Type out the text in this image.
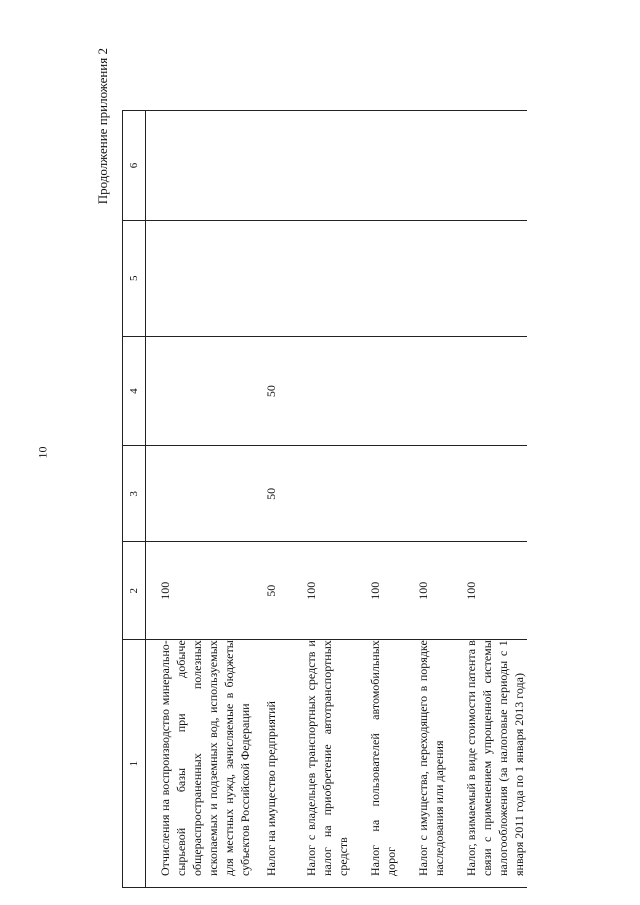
10
Продолжение приложения 2
1	2	3	4	5	6
Отчисления на воспроизводство минерально-сырьевой базы при добыче общераспространенных полезных ископаемых и подземных вод, используемых для местных нужд, зачисляемые в бюджеты субъектов Российской Федерации	100				
Налог на имущество предприятий	50	50	50		
Налог с владельцев транспортных средств и налог на приобретение автотранспортных средств	100				
Налог на пользователей автомобильных дорог	100				
Налог с имущества, переходящего в порядке наследования или дарения	100				
Налог, взимаемый в виде стоимости патента в связи с применением упрощенной системы налогообложения (за налоговые периоды с 1 января 2011 года по 1 января 2013 года)	100				
